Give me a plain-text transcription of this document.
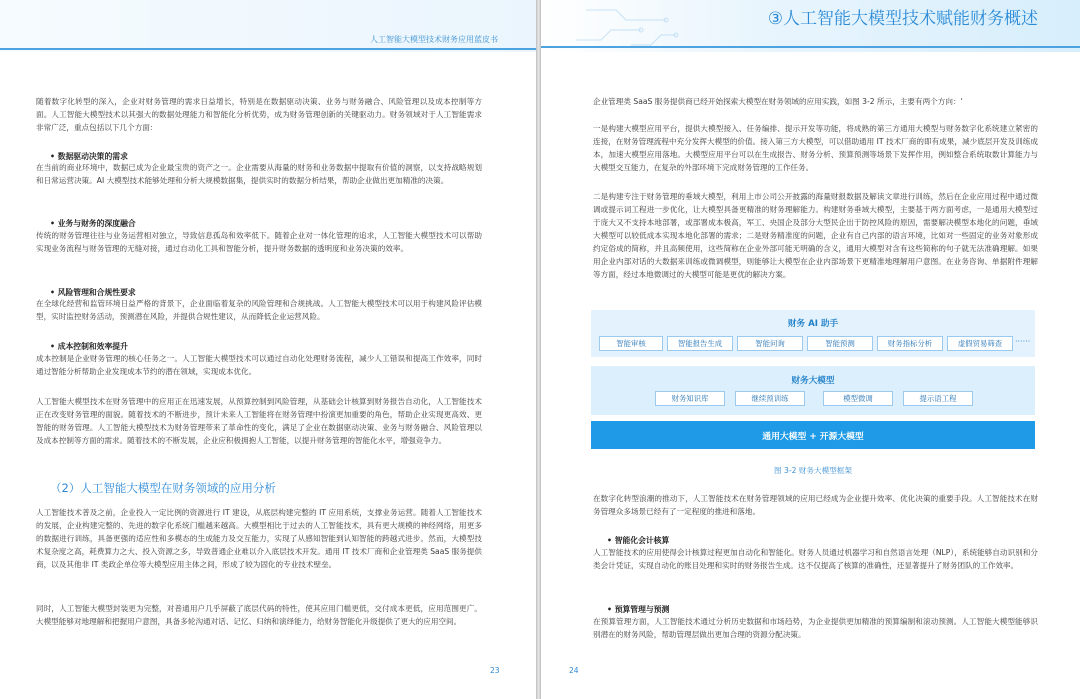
人工智能大模型技术财务应用蓝皮书

随着数字化转型的深入，企业对财务管理的需求日益增长，特别是在数据驱动决策、业务与财务融合、风险管理以及成本控制等方面。人工智能大模型技术以其强大的数据处理能力和智能化分析优势，成为财务管理创新的关键驱动力。财务领域对于人工智能需求非常广泛，重点包括以下几个方面：

• 数据驱动决策的需求

在当前的商业环境中，数据已成为企业最宝贵的资产之一。企业需要从海量的财务和业务数据中提取有价值的洞察，以支持战略规划和日常运营决策。AI 大模型技术能够处理和分析大规模数据集，提供实时的数据分析结果，帮助企业做出更加精准的决策。

• 业务与财务的深度融合

传统的财务管理往往与业务运营相对独立，导致信息孤岛和效率低下。随着企业对一体化管理的追求，人工智能大模型技术可以帮助实现业务流程与财务管理的无缝对接，通过自动化工具和智能分析，提升财务数据的透明度和业务决策的效率。

• 风险管理和合规性要求

在全球化经营和监管环境日益严格的背景下，企业面临着复杂的风险管理和合规挑战。人工智能大模型技术可以用于构建风险评估模型，实时监控财务活动，预测潜在风险，并提供合规性建议，从而降低企业运营风险。

• 成本控制和效率提升

成本控制是企业财务管理的核心任务之一。人工智能大模型技术可以通过自动化处理财务流程，减少人工错误和提高工作效率，同时通过智能分析帮助企业发现成本节约的潜在领域，实现成本优化。

人工智能大模型技术在财务管理中的应用正在迅速发展，从预算控制到风险管理，从基础会计核算到财务报告自动化，人工智能技术正在改变财务管理的面貌。随着技术的不断进步，预计未来人工智能将在财务管理中扮演更加重要的角色，帮助企业实现更高效、更智能的财务管理。人工智能大模型技术为财务管理带来了革命性的变化，满足了企业在数据驱动决策、业务与财务融合、风险管理以及成本控制等方面的需求。随着技术的不断发展，企业应积极拥抱人工智能，以提升财务管理的智能化水平，增强竞争力。

（2）人工智能大模型在财务领域的应用分析

人工智能技术普及之前，企业投入一定比例的资源进行 IT 建设，从底层构建完整的 IT 应用系统，支撑业务运营。随着人工智能技术的发展，企业构建完整的、先进的数字化系统门槛越来越高。大模型相比于过去的人工智能技术，具有更大规模的神经网络，用更多的数据进行训练，具备更强的适应性和多模态的生成能力及交互能力，实现了从感知智能到认知智能的跨越式进步。然而，大模型技术复杂度之高，耗费算力之大、投入资源之多，导致普通企业难以介入底层技术开发。通用 IT 技术厂商和企业管理类 SaaS 服务提供商，以及其他非 IT 类政企单位等大模型应用主体之间，形成了较为固化的专业技术壁垒。

同时，人工智能大模型封装更为完整，对普通用户几乎屏蔽了底层代码的特性，使其应用门槛更低，交付成本更低，应用范围更广。大模型能够对地理解和把握用户意图，具备多轮沟通对话、记忆、归纳和演绎能力，给财务智能化升级提供了更大的应用空间。

23
③人工智能大模型技术赋能财务概述

企业管理类 SaaS 服务提供商已经开始探索大模型在财务领域的应用实践，如图 3-2 所示，主要有两个方向：‘

一是构建大模型应用平台，提供大模型接入、任务编排、提示开发等功能，将成熟的第三方通用大模型与财务数字化系统建立紧密的连接，在财务管理流程中充分发挥大模型的价值。接入第三方大模型，可以借助通用 IT 技术厂商的即有成果，减少底层开发及训练成本，加速大模型应用落地。大模型应用平台可以在生成报告、财务分析、预算预测等场景下发挥作用，例如整合系统取数计算能力与大模型交互能力，在复杂的外部环境下完成财务管理的工作任务。

二是构建专注于财务管理的垂域大模型，利用上市公司公开披露的海量财报数据及解读文章进行训练，然后在企业应用过程中通过微调或提示词工程进一步优化，让大模型具备更精准的财务理解能力。构建财务垂域大模型，主要基于两方面考虑，一是通用大模型过于庞大又不支持本地部署，或部署成本极高，军工、央国企及部分大型民企出于防控风险的原因，需要解决模型本地化的问题，垂域大模型可以较低成本实现本地化部署的需求；二是财务精准度的问题，企业有自己内部的语言环境，比如对一些固定的业务对象形成约定俗成的简称，并且高频使用，这些简称在企业外部可能无明确的含义，通用大模型对含有这些简称的句子就无法准确理解。如果用企业内部对话的大数据来训练或微调模型，则能够让大模型在企业内部场景下更精准地理解用户意图。在业务咨询、单据附件理解等方面，经过本地微调过的大模型可能是更优的解决方案。

财务 AI 助手
智能审核	智能报告生成	智能问询	智能预测	财务指标分析	虚假贸易筛查	······
财务大模型
财务知识库	继续预训练	模型微调	提示语工程
通用大模型 + 开源大模型
图 3-2 财务大模型框架

在数字化转型浪潮的推动下，人工智能技术在财务管理领域的应用已经成为企业提升效率、优化决策的重要手段。人工智能技术在财务管理众多场景已经有了一定程度的推进和落地。

• 智能化会计核算

人工智能技术的应用使得会计核算过程更加自动化和智能化。财务人员通过机器学习和自然语言处理（NLP），系统能够自动识别和分类会计凭证，实现自动化的账目处理和实时的财务报告生成。这不仅提高了核算的准确性，还显著提升了财务团队的工作效率。

• 预算管理与预测

在预算管理方面，人工智能技术通过分析历史数据和市场趋势，为企业提供更加精准的预算编制和滚动预测。人工智能大模型能够识别潜在的财务风险，帮助管理层做出更加合理的资源分配决策。

24
